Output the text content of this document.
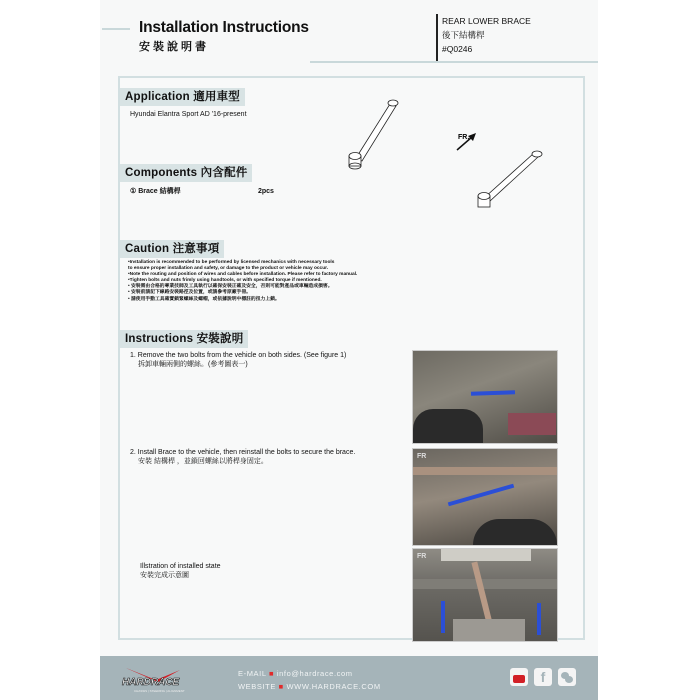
Installation Instructions
安裝說明書
REAR LOWER BRACE
後下結構桿
#Q0246
Application 適用車型
Hyundai Elantra Sport AD '16-present
FR.
Components 內含配件
① Brace 結構桿	2pcs
Caution 注意事項
•Installation is recommended to be performed by licensed mechanics with necessary tools
to ensure proper installation and safety, or damage to the product or vehicle may occur.
•Note the routing and position of wires and cables before installation. Please refer to factory manual.
•Tighten bolts and nuts frimly using handtools, or with specified torque if mentioned.
• 安裝需由合格的專業技師及工具執行以確保安裝正確及安全，否則可能對產品或車輛造成損害。
• 安裝前請記下線路安裝路徑及位置，或請參考原廠手冊。
• 請使用手動工具確實鎖緊螺絲及螺帽，或依據說明中標註的扭力上鎖。
Instructions 安裝說明
1. Remove the two bolts from the vehicle on both sides. (See figure 1)
拆卸車輛兩側的螺絲。(參考圖表一)
2. Install Brace to the vehicle, then reinstall the bolts to secure the brace.
安裝 結構桿 ，並鎖回螺絲以將桿身固定。
Illstration of installed state
安裝完成示意圖
FR
FR
HARDRACE
CHASSIS | STEERING | ALIGNMENT
E-MAIL ■ info@hardrace.com
WEBSITE ■ WWW.HARDRACE.COM
f
